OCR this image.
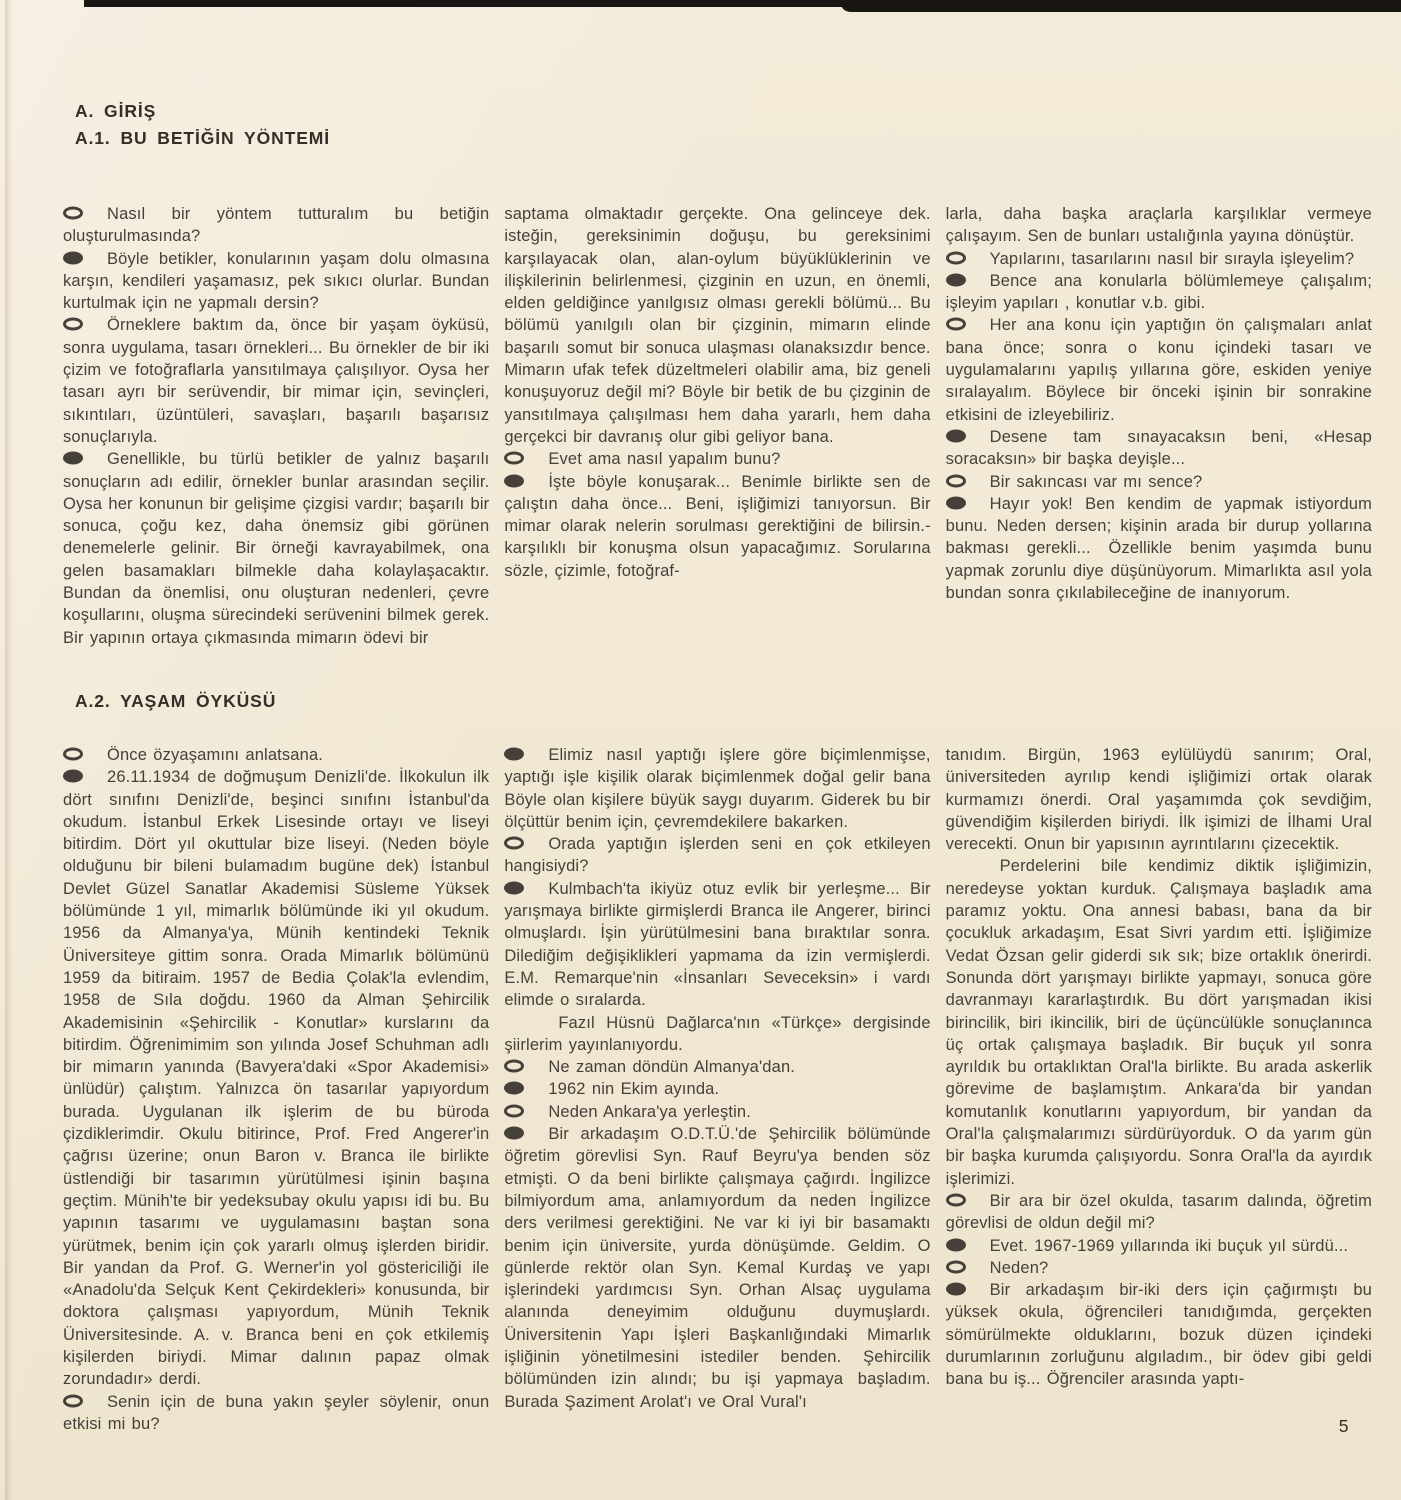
A. GİRİŞ
A.1. BU BETİĞİN YÖNTEMİ

Nasıl bir yöntem tutturalım bu betiğin oluşturulmasında?

Böyle betikler, konularının yaşam dolu olmasına karşın, kendileri yaşamasız, pek sıkıcı olurlar. Bundan kurtulmak için ne yapmalı dersin?

Örneklere baktım da, önce bir yaşam öyküsü, sonra uygulama, tasarı örnekleri... Bu örnekler de bir iki çizim ve fotoğraflarla yansıtılmaya çalışılıyor. Oysa her tasarı ayrı bir serüvendir, bir mimar için, sevinçleri, sıkıntıları, üzüntüleri, savaşları, başarılı başarısız sonuçlarıyla.

Genellikle, bu türlü betikler de yalnız başarılı sonuçların adı edilir, örnekler bunlar arasından seçilir. Oysa her konunun bir gelişime çizgisi vardır; başarılı bir sonuca, çoğu kez, daha önemsiz gibi görünen denemelerle gelinir. Bir örneği kavrayabilmek, ona gelen basamakları bilmekle daha kolaylaşacaktır. Bundan da önemlisi, onu oluşturan nedenleri, çevre koşullarını, oluşma sürecindeki serüvenini bilmek gerek. Bir yapının ortaya çıkmasında mimarın ödevi bir

saptama olmaktadır gerçekte. Ona gelinceye dek. isteğin, gereksinimin doğuşu, bu gereksinimi karşılayacak olan, alan-oylum büyüklüklerinin ve ilişkilerinin belirlenmesi, çizginin en uzun, en önemli, elden geldiğince yanılgısız olması gerekli bölümü... Bu bölümü yanılgılı olan bir çizginin, mimarın elinde başarılı somut bir sonuca ulaşması olanaksızdır bence. Mimarın ufak tefek düzeltmeleri olabilir ama, biz geneli konuşuyoruz değil mi? Böyle bir betik de bu çizginin de yansıtılmaya çalışılması hem daha yararlı, hem daha gerçekci bir davranış olur gibi geliyor bana.

Evet ama nasıl yapalım bunu?

İşte böyle konuşarak... Benimle birlikte sen de çalıştın daha önce... Beni, işliğimizi tanıyorsun. Bir mimar olarak nelerin sorulması gerektiğini de bilirsin.-karşılıklı bir konuşma olsun yapacağımız. Sorularına sözle, çizimle, fotoğraf-

larla, daha başka araçlarla karşılıklar vermeye çalışayım. Sen de bunları ustalığınla yayına dönüştür.

Yapılarını, tasarılarını nasıl bir sırayla işleyelim?

Bence ana konularla bölümlemeye çalışalım; işleyim yapıları , konutlar v.b. gibi.

Her ana konu için yaptığın ön çalışmaları anlat bana önce; sonra o konu içindeki tasarı ve uygulamalarını yapılış yıllarına göre, eskiden yeniye sıralayalım. Böylece bir önceki işinin bir sonrakine etkisini de izleyebiliriz.

Desene tam sınayacaksın beni, «Hesap soracaksın» bir başka deyişle...

Bir sakıncası var mı sence?

Hayır yok! Ben kendim de yapmak istiyordum bunu. Neden dersen; kişinin arada bir durup yollarına bakması gerekli... Özellikle benim yaşımda bunu yapmak zorunlu diye düşünüyorum. Mimarlıkta asıl yola bundan sonra çıkılabileceğine de inanıyorum.

A.2. YAŞAM ÖYKÜSÜ

Önce özyaşamını anlatsana.

26.11.1934 de doğmuşum Denizli'de. İlkokulun ilk dört sınıfını Denizli'de, beşinci sınıfını İstanbul'da okudum. İstanbul Erkek Lisesinde ortayı ve liseyi bitirdim. Dört yıl okuttular bize liseyi. (Neden böyle olduğunu bir bileni bulamadım bugüne dek) İstanbul Devlet Güzel Sanatlar Akademisi Süsleme Yüksek bölümünde 1 yıl, mimarlık bölümünde iki yıl okudum. 1956 da Almanya'ya, Münih kentindeki Teknik Üniversiteye gittim sonra. Orada Mimarlık bölümünü 1959 da bitiraim. 1957 de Bedia Çolak'la evlendim, 1958 de Sıla doğdu. 1960 da Alman Şehircilik Akademisinin «Şehircilik - Konutlar» kurslarını da bitirdim. Öğrenimimim son yılında Josef Schuhman adlı bir mimarın yanında (Bavyera'daki «Spor Akademisi» ünlüdür) çalıştım. Yalnızca ön tasarılar yapıyordum burada. Uygulanan ilk işlerim de bu büroda çizdiklerimdir. Okulu bitirince, Prof. Fred Angerer'in çağrısı üzerine; onun Baron v. Branca ile birlikte üstlendiği bir tasarımın yürütülmesi işinin başına geçtim. Münih'te bir yedeksubay okulu yapısı idi bu. Bu yapının tasarımı ve uygulamasını baştan sona yürütmek, benim için çok yararlı olmuş işlerden biridir. Bir yandan da Prof. G. Werner'in yol göstericiliği ile «Anadolu'da Selçuk Kent Çekirdekleri» konusunda, bir doktora çalışması yapıyordum, Münih Teknik Üniversitesinde. A. v. Branca beni en çok etkilemiş kişilerden biriydi. Mimar dalının papaz olmak zorundadır» derdi.

Senin için de buna yakın şeyler söylenir, onun etkisi mi bu?

Elimiz nasıl yaptığı işlere göre biçimlenmişse, yaptığı işle kişilik olarak biçimlenmek doğal gelir bana Böyle olan kişilere büyük saygı duyarım. Giderek bu bir ölçüttür benim için, çevremdekilere bakarken.

Orada yaptığın işlerden seni en çok etkileyen hangisiydi?

Kulmbach'ta ikiyüz otuz evlik bir yerleşme... Bir yarışmaya birlikte girmişlerdi Branca ile Angerer, birinci olmuşlardı. İşin yürütülmesini bana bıraktılar sonra. Dilediğim değişiklikleri yapmama da izin vermişlerdi. E.M. Remarque'nin «İnsanları Seveceksin» i vardı elimde o sıralarda.

Fazıl Hüsnü Dağlarca'nın «Türkçe» dergisinde şiirlerim yayınlanıyordu.

Ne zaman döndün Almanya'dan.

1962 nin Ekim ayında.

Neden Ankara'ya yerleştin.

Bir arkadaşım O.D.T.Ü.'de Şehircilik bölümünde öğretim görevlisi Syn. Rauf Beyru'ya benden söz etmişti. O da beni birlikte çalışmaya çağırdı. İngilizce bilmiyordum ama, anlamıyordum da neden İngilizce ders verilmesi gerektiğini. Ne var ki iyi bir basamaktı benim için üniversite, yurda dönüşümde. Geldim. O günlerde rektör olan Syn. Kemal Kurdaş ve yapı işlerindeki yardımcısı Syn. Orhan Alsaç uygulama alanında deneyimim olduğunu duymuşlardı. Üniversitenin Yapı İşleri Başkanlığındaki Mimarlık işliğinin yönetilmesini istediler benden. Şehircilik bölümünden izin alındı; bu işi yapmaya başladım. Burada Şaziment Arolat'ı ve Oral Vural'ı

tanıdım. Birgün, 1963 eylülüydü sanırım; Oral, üniversiteden ayrılıp kendi işliğimizi ortak olarak kurmamızı önerdi. Oral yaşamımda çok sevdiğim, güvendiğim kişilerden biriydi. İlk işimizi de İlhami Ural verecekti. Onun bir yapısının ayrıntılarını çizecektik.

Perdelerini bile kendimiz diktik işliğimizin, neredeyse yoktan kurduk. Çalışmaya başladık ama paramız yoktu. Ona annesi babası, bana da bir çocukluk arkadaşım, Esat Sivri yardım etti. İşliğimize Vedat Özsan gelir giderdi sık sık; bize ortaklık önerirdi. Sonunda dört yarışmayı birlikte yapmayı, sonuca göre davranmayı kararlaştırdık. Bu dört yarışmadan ikisi birincilik, biri ikincilik, biri de üçüncülükle sonuçlanınca üç ortak çalışmaya başladık. Bir buçuk yıl sonra ayrıldık bu ortaklıktan Oral'la birlikte. Bu arada askerlik görevime de başlamıştım. Ankara'da bir yandan komutanlık konutlarını yapıyordum, bir yandan da Oral'la çalışmalarımızı sürdürüyorduk. O da yarım gün bir başka kurumda çalışıyordu. Sonra Oral'la da ayırdık işlerimizi.

Bir ara bir özel okulda, tasarım dalında, öğretim görevlisi de oldun değil mi?

Evet. 1967-1969 yıllarında iki buçuk yıl sürdü...

Neden?

Bir arkadaşım bir-iki ders için çağırmıştı bu yüksek okula, öğrencileri tanıdığımda, gerçekten sömürülmekte olduklarını, bozuk düzen içindeki durumlarının zorluğunu algıladım., bir ödev gibi geldi bana bu iş... Öğrenciler arasında yaptı-

5
